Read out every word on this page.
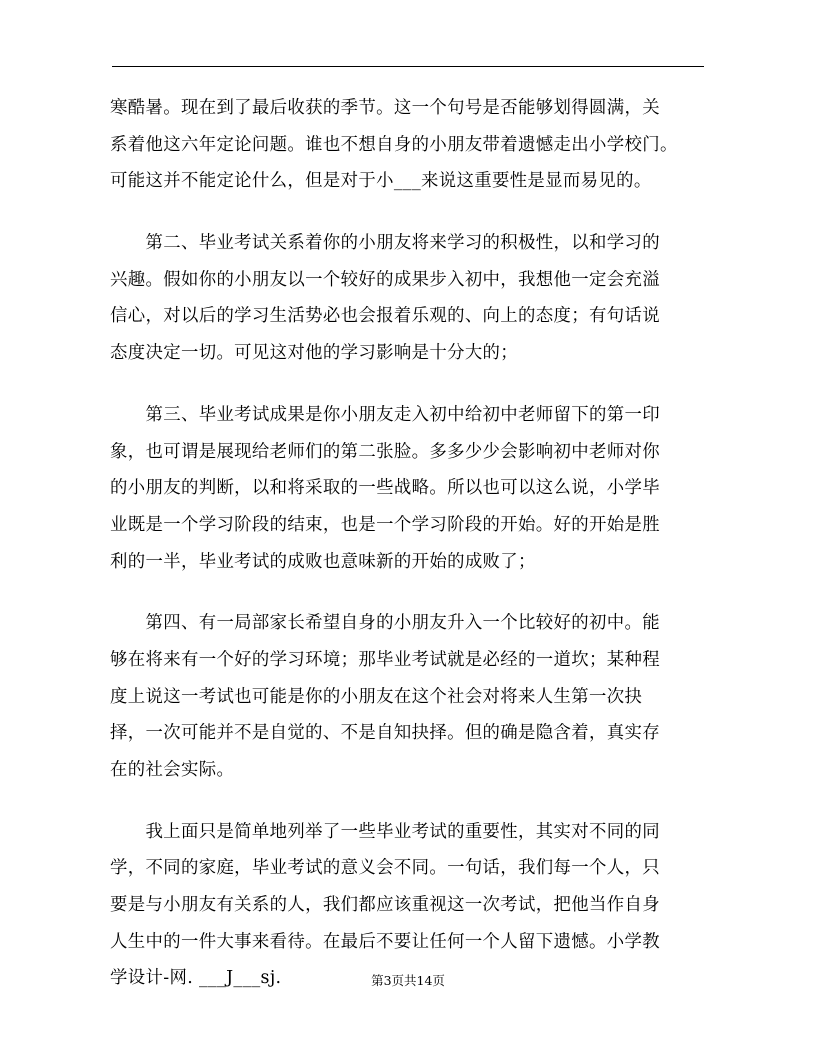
寒酷暑。现在到了最后收获的季节。这一个句号是否能够划得圆满，关
系着他这六年定论问题。谁也不想自身的小朋友带着遗憾走出小学校门。
可能这并不能定论什么，但是对于小___来说这重要性是显而易见的。
　　第二、毕业考试关系着你的小朋友将来学习的积极性，以和学习的
兴趣。假如你的小朋友以一个较好的成果步入初中，我想他一定会充溢
信心，对以后的学习生活势必也会报着乐观的、向上的态度；有句话说
态度决定一切。可见这对他的学习影响是十分大的；
　　第三、毕业考试成果是你小朋友走入初中给初中老师留下的第一印
象，也可谓是展现给老师们的第二张脸。多多少少会影响初中老师对你
的小朋友的判断，以和将采取的一些战略。所以也可以这么说，小学毕
业既是一个学习阶段的结束，也是一个学习阶段的开始。好的开始是胜
利的一半，毕业考试的成败也意味新的开始的成败了；
　　第四、有一局部家长希望自身的小朋友升入一个比较好的初中。能
够在将来有一个好的学习环境；那毕业考试就是必经的一道坎；某种程
度上说这一考试也可能是你的小朋友在这个社会对将来人生第一次抉
择，一次可能并不是自觉的、不是自知抉择。但的确是隐含着，真实存
在的社会实际。
　　我上面只是简单地列举了一些毕业考试的重要性，其实对不同的同
学，不同的家庭，毕业考试的意义会不同。一句话，我们每一个人，只
要是与小朋友有关系的人，我们都应该重视这一次考试，把他当作自身
人生中的一件大事来看待。在最后不要让任何一个人留下遗憾。小学教
学设计-网. ___J___sj.	第3页共14页
